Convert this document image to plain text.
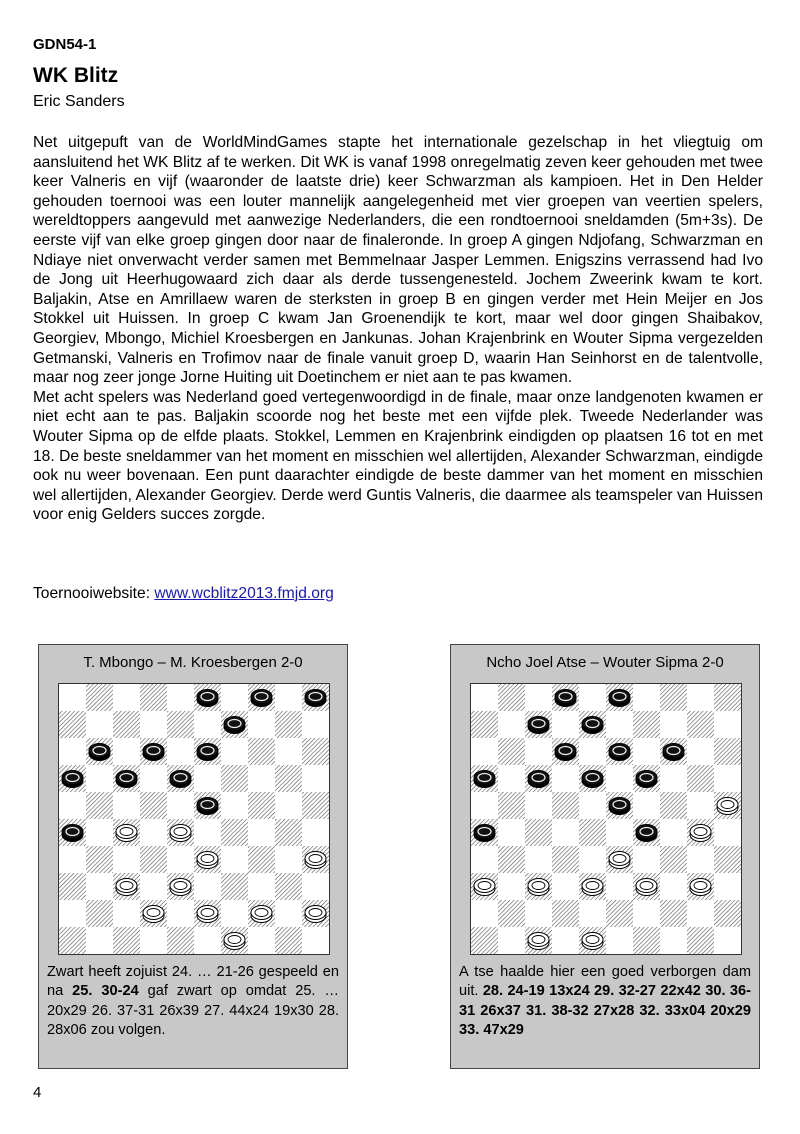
GDN54-1
WK Blitz
Eric Sanders

Net uitgepuft van de WorldMindGames stapte het internationale gezelschap in het vliegtuig om aansluitend het WK Blitz af te werken. Dit WK is vanaf 1998 onregelmatig zeven keer gehouden met twee keer Valneris en vijf (waaronder de laatste drie) keer Schwarzman als kampioen. Het in Den Helder gehouden toernooi was een louter mannelijk aangelegenheid met vier groepen van veertien spelers, wereldtoppers aangevuld met aanwezige Nederlanders, die een rondtoernooi sneldamden (5m+3s). De eerste vijf van elke groep gingen door naar de finaleronde. In groep A gingen Ndjofang, Schwarzman en Ndiaye niet onverwacht verder samen met Bemmelnaar Jasper Lemmen. Enigszins verrassend had Ivo de Jong uit Heerhugowaard zich daar als derde tussengenesteld. Jochem Zweerink kwam te kort. Baljakin, Atse en Amrillaew waren de sterksten in groep B en gingen verder met Hein Meijer en Jos Stokkel uit Huissen. In groep C kwam Jan Groenendijk te kort, maar wel door gingen Shaibakov, Georgiev, Mbongo, Michiel Kroesbergen en Jankunas. Johan Krajenbrink en Wouter Sipma vergezelden Getmanski, Valneris en Trofimov naar de finale vanuit groep D, waarin Han Seinhorst en de talentvolle, maar nog zeer jonge Jorne Huiting uit Doetinchem er niet aan te pas kwamen.

Met acht spelers was Nederland goed vertegenwoordigd in de finale, maar onze landgenoten kwamen er niet echt aan te pas. Baljakin scoorde nog het beste met een vijfde plek. Tweede Nederlander was Wouter Sipma op de elfde plaats. Stokkel, Lemmen en Krajenbrink eindigden op plaatsen 16 tot en met 18. De beste sneldammer van het moment en misschien wel allertijden, Alexander Schwarzman, eindigde ook nu weer bovenaan. Een punt daarachter eindigde de beste dammer van het moment en misschien wel allertijden, Alexander Georgiev. Derde werd Guntis Valneris, die daarmee als teamspeler van Huissen voor enig Gelders succes zorgde.

Toernooiwebsite: www.wcblitz2013.fmjd.org
T. Mbongo – M. Kroesbergen 2-0
Zwart heeft zojuist 24. … 21-26 gespeeld en na 25. 30-24 gaf zwart op omdat 25. … 20x29 26. 37-31 26x39 27. 44x24 19x30 28. 28x06 zou volgen.
Ncho Joel Atse – Wouter Sipma 2-0
A tse haalde hier een goed verborgen dam uit. 28. 24-19 13x24 29. 32-27 22x42 30. 36-31 26x37 31. 38-32 27x28 32. 33x04 20x29 33. 47x29
4
